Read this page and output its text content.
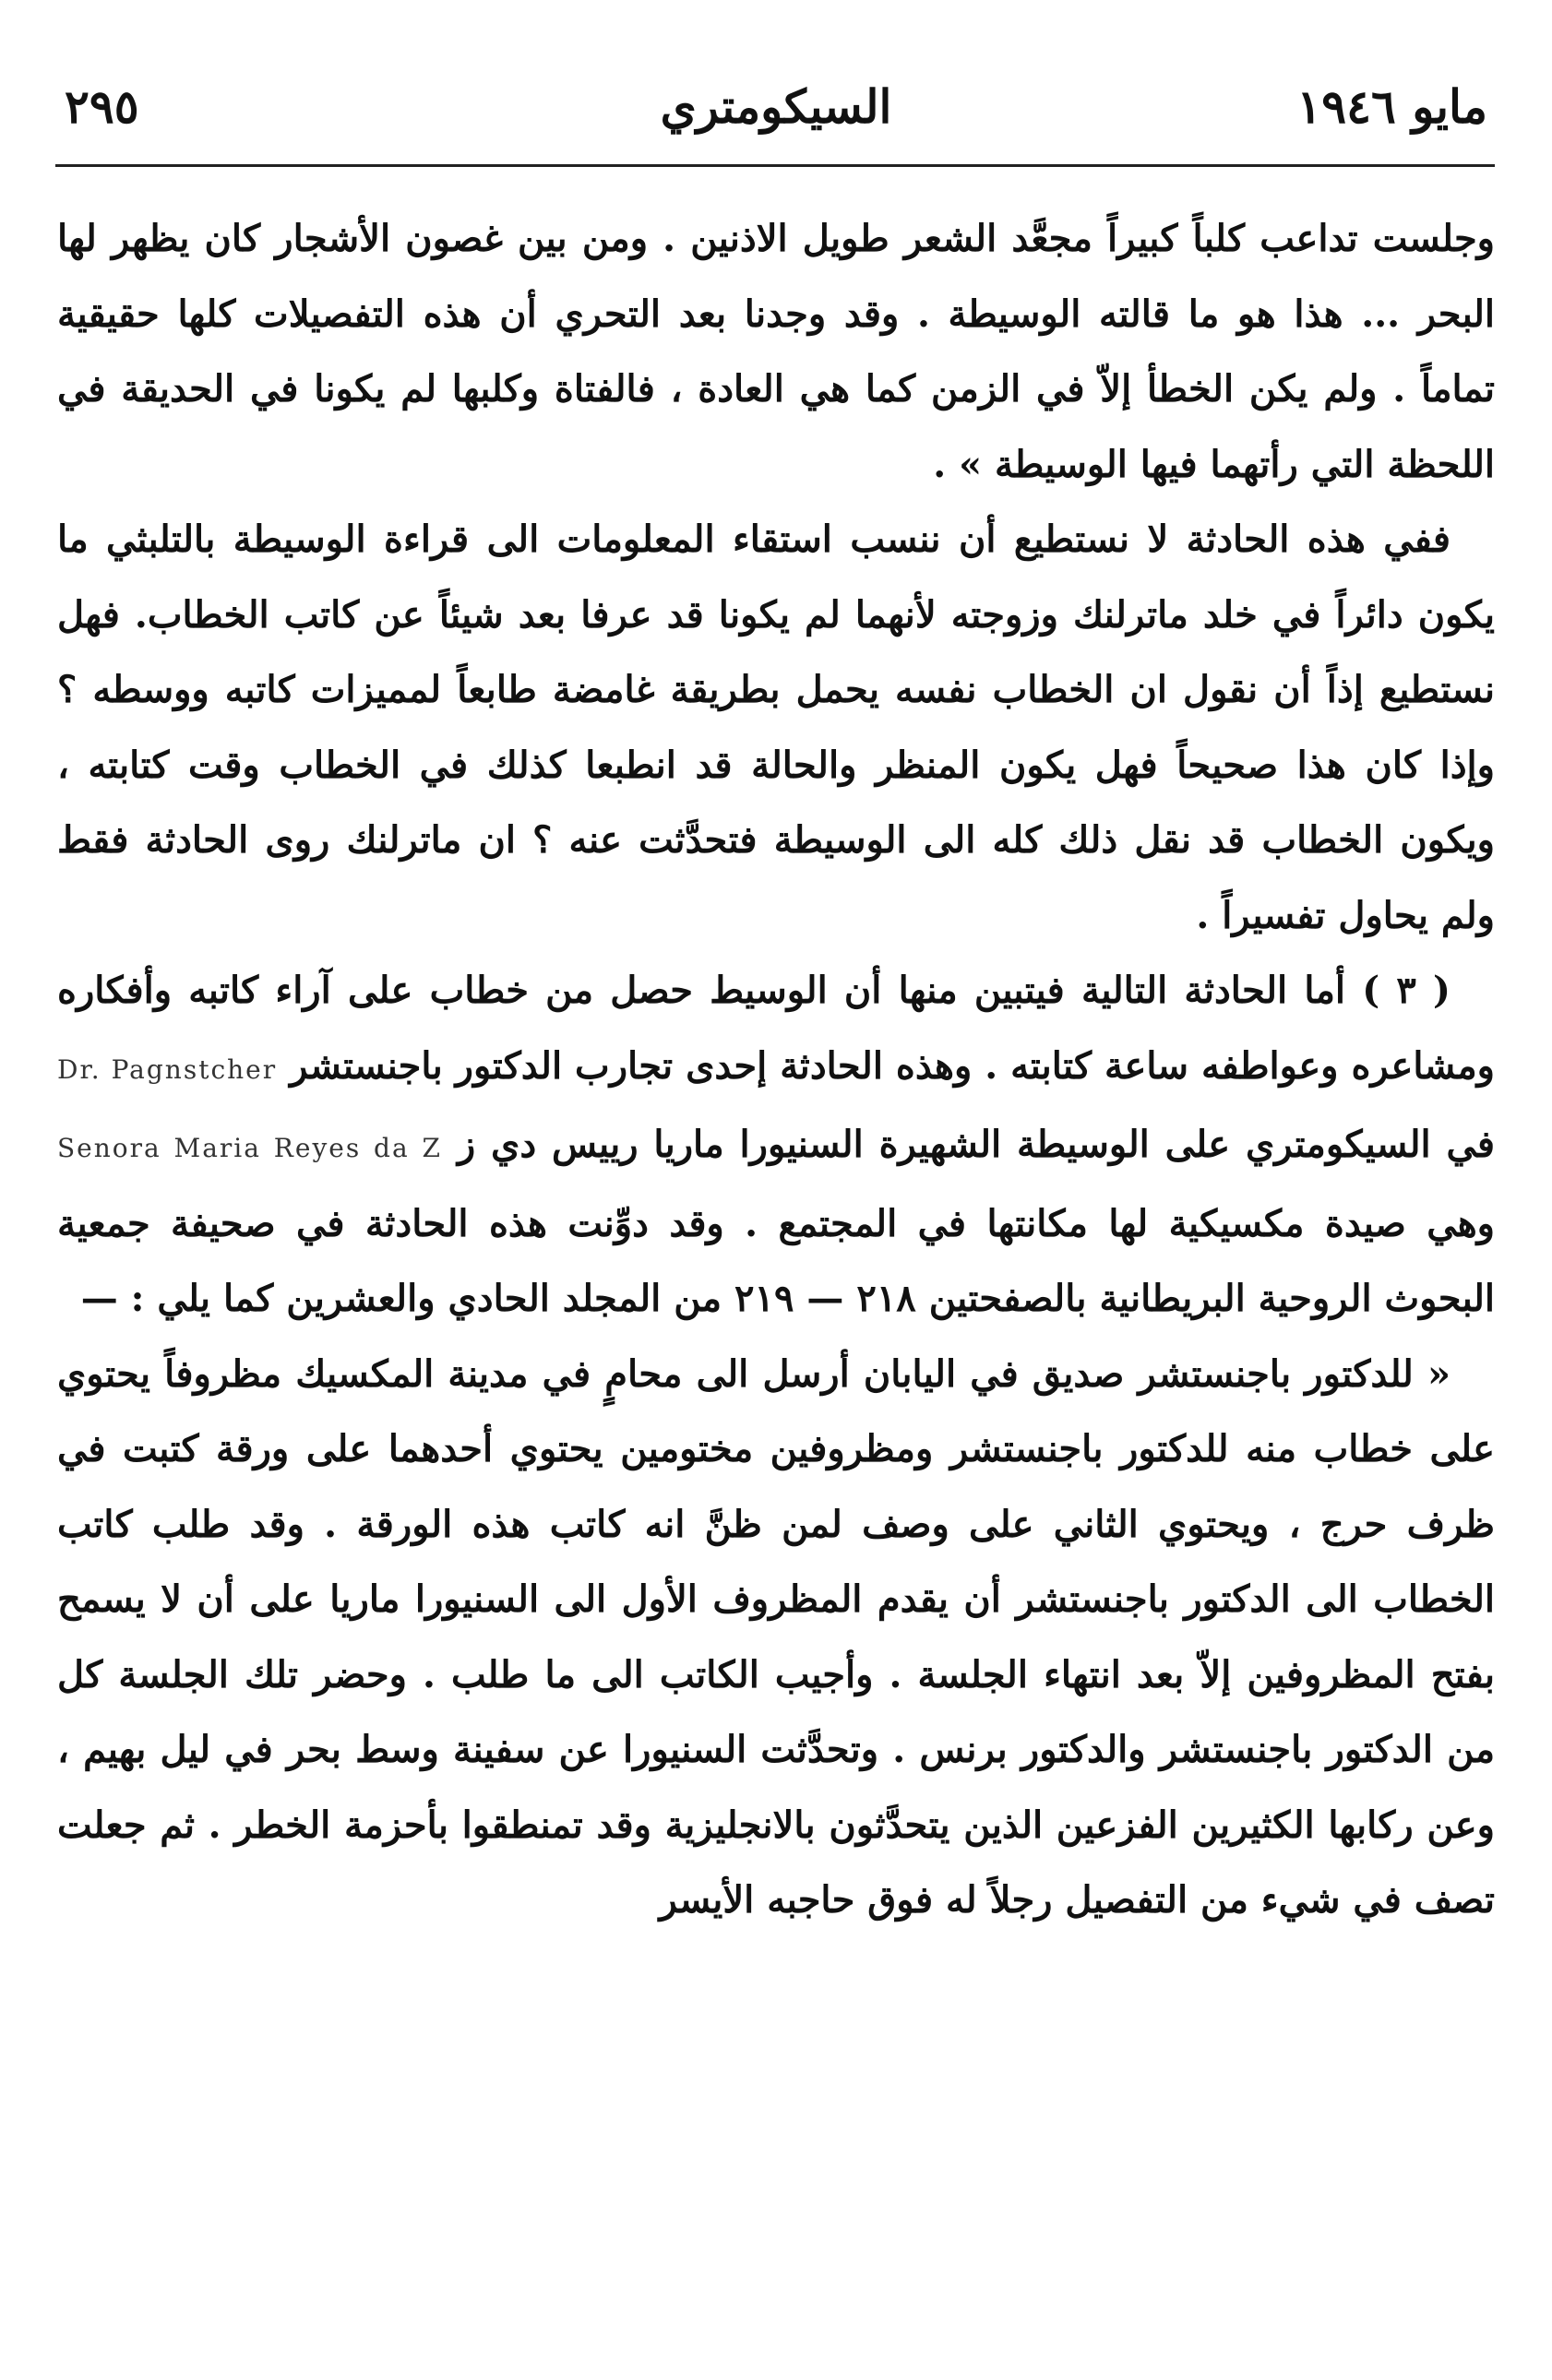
مايو ١٩٤٦
السيكومتري
٢٩٥

وجلست تداعب كلباً كبيراً مجعَّد الشعر طويل الاذنين . ومن بين غصون الأشجار كان يظهر لها البحر ... هذا هو ما قالته الوسيطة . وقد وجدنا بعد التحري أن هذه التفصيلات كلها حقيقية تماماً . ولم يكن الخطأ إلاّ في الزمن كما هي العادة ، فالفتاة وكلبها لم يكونا في الحديقة في اللحظة التي رأتهما فيها الوسيطة » .

ففي هذه الحادثة لا نستطيع أن ننسب استقاء المعلومات الى قراءة الوسيطة بالتلبثي ما يكون دائراً في خلد ماترلنك وزوجته لأنهما لم يكونا قد عرفا بعد شيئاً عن كاتب الخطاب. فهل نستطيع إذاً أن نقول ان الخطاب نفسه يحمل بطريقة غامضة طابعاً لمميزات كاتبه ووسطه ؟ وإذا كان هذا صحيحاً فهل يكون المنظر والحالة قد انطبعا كذلك في الخطاب وقت كتابته ، ويكون الخطاب قد نقل ذلك كله الى الوسيطة فتحدَّثت عنه ؟ ان ماترلنك روى الحادثة فقط ولم يحاول تفسيراً .

( ٣ ) أما الحادثة التالية فيتبين منها أن الوسيط حصل من خطاب على آراء كاتبه وأفكاره ومشاعره وعواطفه ساعة كتابته . وهذه الحادثة إحدى تجارب الدكتور باجنستشر Dr. Pagnstcher في السيكومتري على الوسيطة الشهيرة السنيورا ماريا رييس دي ز Senora Maria Reyes da Z وهي صيدة مكسيكية لها مكانتها في المجتمع . وقد دوِّنت هذه الحادثة في صحيفة جمعية البحوث الروحية البريطانية بالصفحتين ٢١٨ — ٢١٩ من المجلد الحادي والعشرين كما يلي : —

« للدكتور باجنستشر صديق في اليابان أرسل الى محامٍ في مدينة المكسيك مظروفاً يحتوي على خطاب منه للدكتور باجنستشر ومظروفين مختومين يحتوي أحدهما على ورقة كتبت في ظرف حرج ، ويحتوي الثاني على وصف لمن ظنَّ انه كاتب هذه الورقة . وقد طلب كاتب الخطاب الى الدكتور باجنستشر أن يقدم المظروف الأول الى السنيورا ماريا على أن لا يسمح بفتح المظروفين إلاّ بعد انتهاء الجلسة . وأجيب الكاتب الى ما طلب . وحضر تلك الجلسة كل من الدكتور باجنستشر والدكتور برنس . وتحدَّثت السنيورا عن سفينة وسط بحر في ليل بهيم ، وعن ركابها الكثيرين الفزعين الذين يتحدَّثون بالانجليزية وقد تمنطقوا بأحزمة الخطر . ثم جعلت تصف في شيء من التفصيل رجلاً له فوق حاجبه الأيسر
